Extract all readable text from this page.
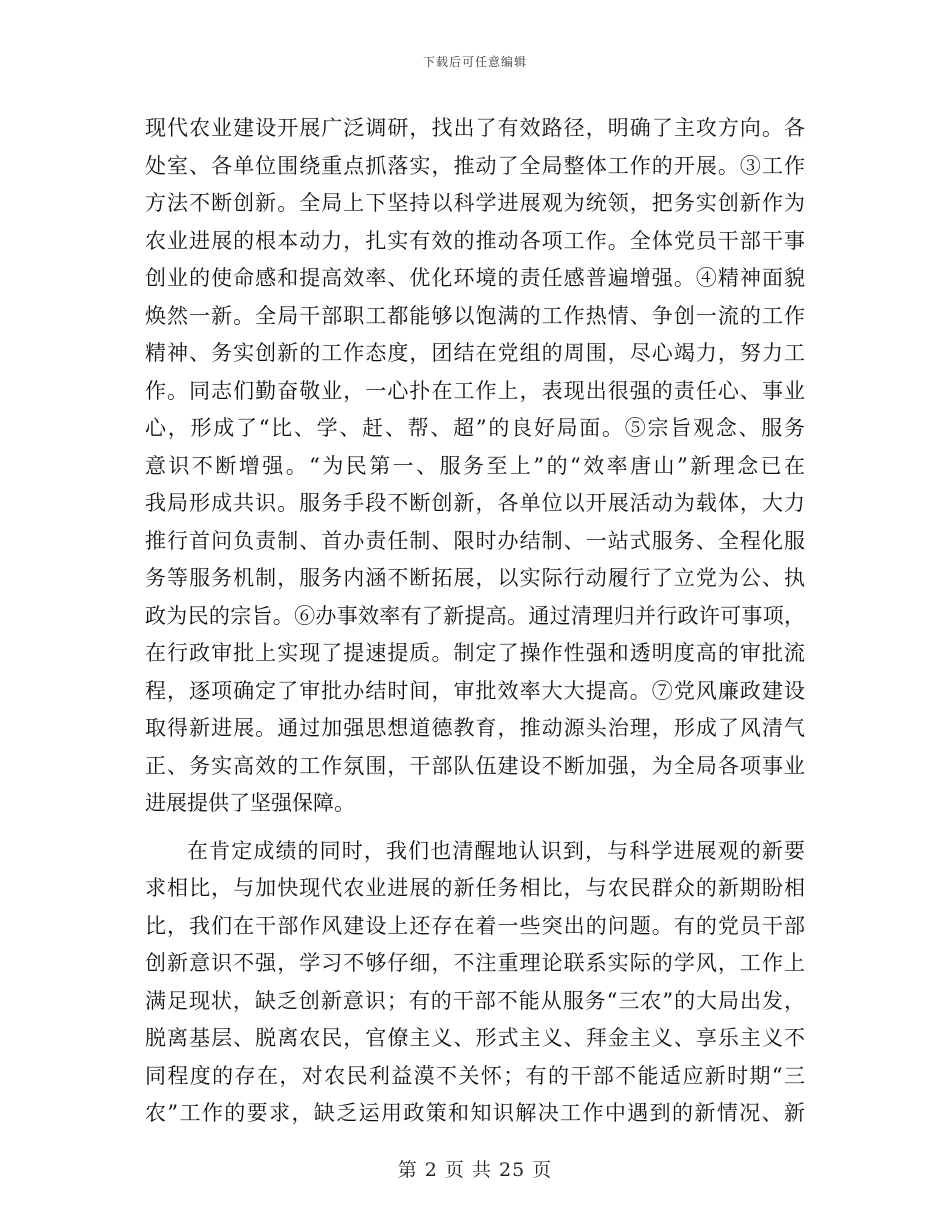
下载后可任意编辑
现代农业建设开展广泛调研，找出了有效路径，明确了主攻方向。各
处室、各单位围绕重点抓落实，推动了全局整体工作的开展。③工作
方法不断创新。全局上下坚持以科学进展观为统领，把务实创新作为
农业进展的根本动力，扎实有效的推动各项工作。全体党员干部干事
创业的使命感和提高效率、优化环境的责任感普遍增强。④精神面貌
焕然一新。全局干部职工都能够以饱满的工作热情、争创一流的工作
精神、务实创新的工作态度，团结在党组的周围，尽心竭力，努力工
作。同志们勤奋敬业，一心扑在工作上，表现出很强的责任心、事业
心，形成了“比、学、赶、帮、超”的良好局面。⑤宗旨观念、服务
意识不断增强。“为民第一、服务至上”的“效率唐山”新理念已在
我局形成共识。服务手段不断创新，各单位以开展活动为载体，大力
推行首问负责制、首办责任制、限时办结制、一站式服务、全程化服
务等服务机制，服务内涵不断拓展，以实际行动履行了立党为公、执
政为民的宗旨。⑥办事效率有了新提高。通过清理归并行政许可事项，
在行政审批上实现了提速提质。制定了操作性强和透明度高的审批流
程，逐项确定了审批办结时间，审批效率大大提高。⑦党风廉政建设
取得新进展。通过加强思想道德教育，推动源头治理，形成了风清气
正、务实高效的工作氛围，干部队伍建设不断加强，为全局各项事业
进展提供了坚强保障。
在肯定成绩的同时，我们也清醒地认识到，与科学进展观的新要
求相比，与加快现代农业进展的新任务相比，与农民群众的新期盼相
比，我们在干部作风建设上还存在着一些突出的问题。有的党员干部
创新意识不强，学习不够仔细，不注重理论联系实际的学风，工作上
满足现状，缺乏创新意识；有的干部不能从服务“三农”的大局出发，
脱离基层、脱离农民，官僚主义、形式主义、拜金主义、享乐主义不
同程度的存在，对农民利益漠不关怀；有的干部不能适应新时期“三
农”工作的要求，缺乏运用政策和知识解决工作中遇到的新情况、新
第 2 页 共 25 页
